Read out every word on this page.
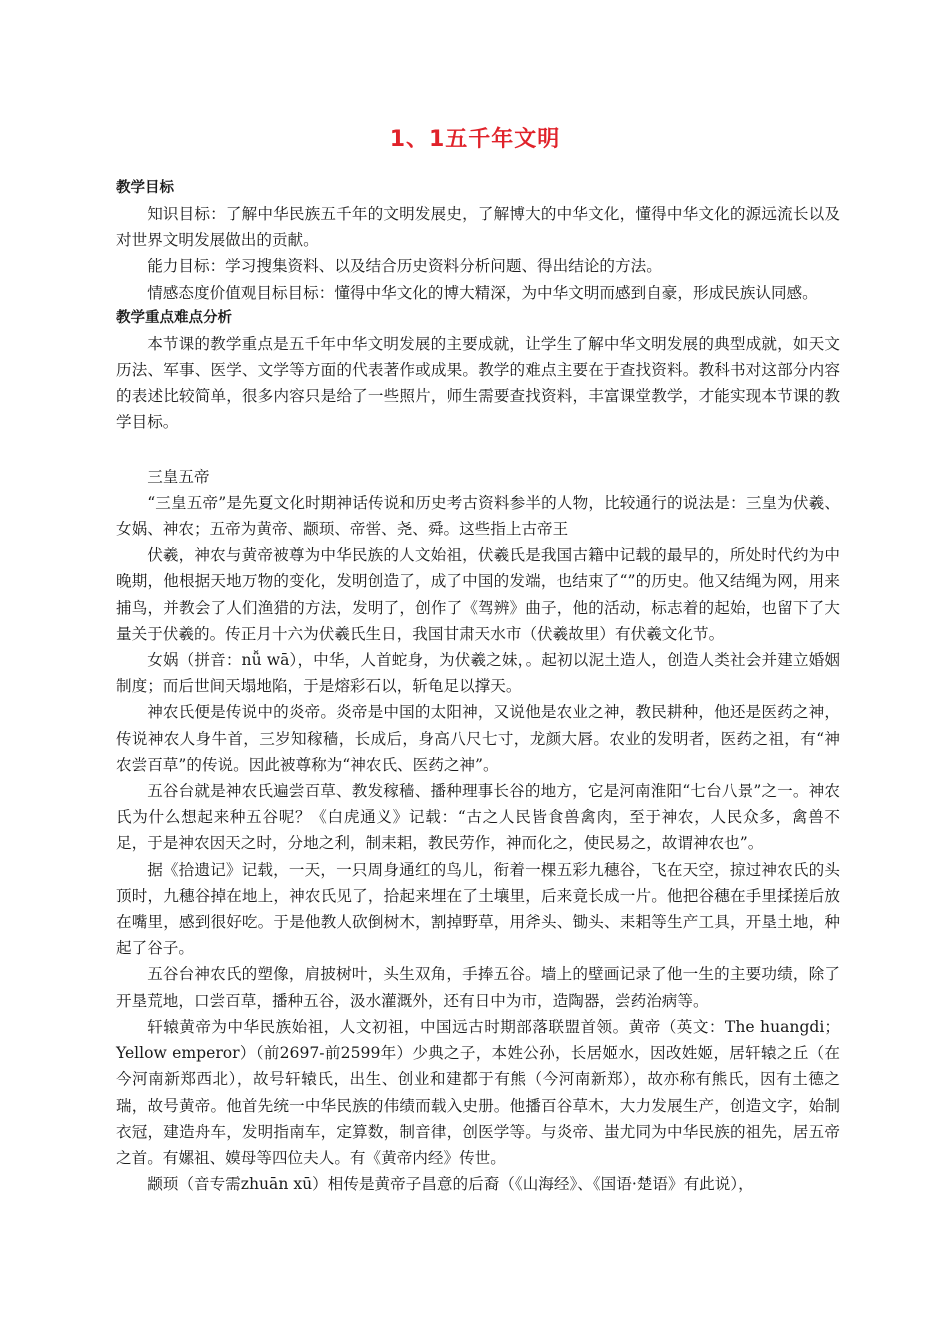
1、1五千年文明

教学目标

知识目标：了解中华民族五千年的文明发展史，了解博大的中华文化，懂得中华文化的源远流长以及对世界文明发展做出的贡献。

能力目标：学习搜集资料、以及结合历史资料分析问题、得出结论的方法。

情感态度价值观目标目标：懂得中华文化的博大精深，为中华文明而感到自豪，形成民族认同感。

教学重点难点分析

本节课的教学重点是五千年中华文明发展的主要成就，让学生了解中华文明发展的典型成就，如天文历法、军事、医学、文学等方面的代表著作或成果。教学的难点主要在于查找资料。教科书对这部分内容的表述比较简单，很多内容只是给了一些照片，师生需要查找资料，丰富课堂教学，才能实现本节课的教学目标。

三皇五帝

“三皇五帝”是先夏文化时期神话传说和历史考古资料参半的人物，比较通行的说法是：三皇为伏羲、女娲、神农；五帝为黄帝、颛顼、帝喾、尧、舜。这些指上古帝王

伏羲，神农与黄帝被尊为中华民族的人文始祖，伏羲氏是我国古籍中记载的最早的，所处时代约为中晚期，他根据天地万物的变化，发明创造了，成了中国的发端，也结束了“”的历史。他又结绳为网，用来捕鸟，并教会了人们渔猎的方法，发明了，创作了《驾辨》曲子，他的活动，标志着的起始，也留下了大量关于伏羲的。传正月十六为伏羲氏生日，我国甘肃天水市（伏羲故里）有伏羲文化节。

女娲（拼音：nǚ wā），中华，人首蛇身，为伏羲之妹，。起初以泥土造人，创造人类社会并建立婚姻制度；而后世间天塌地陷，于是熔彩石以，斩龟足以撑天。

神农氏便是传说中的炎帝。炎帝是中国的太阳神，又说他是农业之神，教民耕种，他还是医药之神，传说神农人身牛首，三岁知稼穑，长成后，身高八尺七寸，龙颜大唇。农业的发明者，医药之祖，有“神农尝百草”的传说。因此被尊称为“神农氏、医药之神”。

五谷台就是神农氏遍尝百草、教发稼穑、播种理事长谷的地方，它是河南淮阳“七台八景”之一。神农氏为什么想起来种五谷呢？《白虎通义》记载：“古之人民皆食兽禽肉，至于神农，人民众多，禽兽不足，于是神农因天之时，分地之利，制耒耜，教民劳作，神而化之，使民易之，故谓神农也”。

据《拾遗记》记载，一天，一只周身通红的鸟儿，衔着一棵五彩九穗谷，飞在天空，掠过神农氏的头顶时，九穗谷掉在地上，神农氏见了，拾起来埋在了土壤里，后来竟长成一片。他把谷穗在手里揉搓后放在嘴里，感到很好吃。于是他教人砍倒树木，割掉野草，用斧头、锄头、耒耜等生产工具，开垦土地，种起了谷子。

五谷台神农氏的塑像，肩披树叶，头生双角，手捧五谷。墙上的壁画记录了他一生的主要功绩，除了开垦荒地，口尝百草，播种五谷，汲水灌溉外，还有日中为市，造陶器，尝药治病等。

轩辕黄帝为中华民族始祖，人文初祖，中国远古时期部落联盟首领。黄帝（英文：The huangdi；Yellow emperor）（前2697-前2599年）少典之子，本姓公孙，长居姬水，因改姓姬，居轩辕之丘（在今河南新郑西北），故号轩辕氏，出生、创业和建都于有熊（今河南新郑），故亦称有熊氏，因有土德之瑞，故号黄帝。他首先统一中华民族的伟绩而载入史册。他播百谷草木，大力发展生产，创造文字，始制衣冠，建造舟车，发明指南车，定算数，制音律，创医学等。与炎帝、蚩尤同为中华民族的祖先，居五帝之首。有嫘祖、嫫母等四位夫人。有《黄帝内经》传世。

颛顼（音专需zhuān xū）相传是黄帝子昌意的后裔（《山海经》、《国语·楚语》有此说），
